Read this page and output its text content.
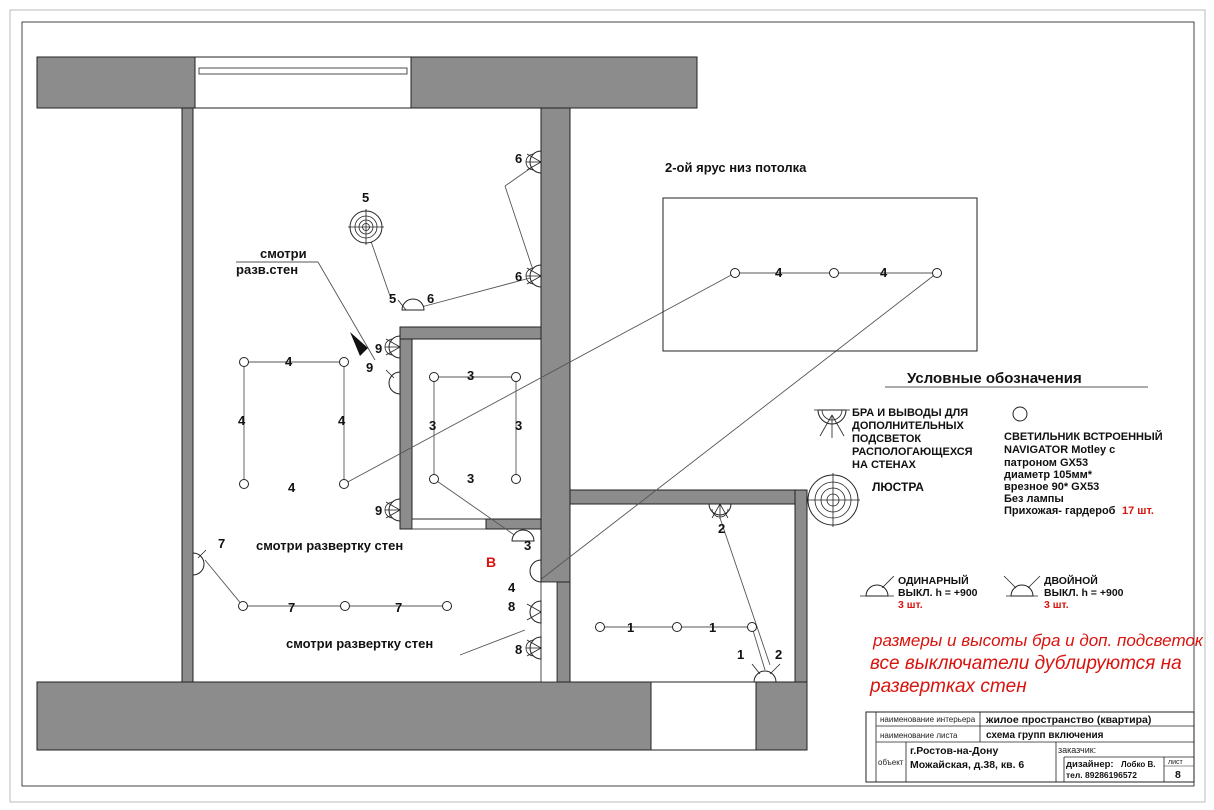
2-ой ярус низ потолка
смотри
разв.стен
смотри развертку стен
смотри развертку стен
В
6
6
5
5 6
9
9
9
4
4	4
4
3
3	3
3
3
7
7	7
4
8
8
2
2
1	1
1
4	4
Условные обозначения
БРА И ВЫВОДЫ ДЛЯ
ДОПОЛНИТЕЛЬНЫХ
ПОДСВЕТОК
РАСПОЛОГАЮЩЕХСЯ
НА СТЕНАХ
СВЕТИЛЬНИК ВСТРОЕННЫЙ
NAVIGATOR Motley с
патроном GX53
диаметр 105мм*
врезное 90* GX53
Без лампы
Прихожая- гардероб 17 шт.
ЛЮСТРА
ОДИНАРНЫЙ
ВЫКЛ. h = +900
3 шт.
ДВОЙНОЙ
ВЫКЛ. h = +900
3 шт.
размеры и высоты бра и доп. подсветок
все выключатели дублируются на
развертках стен
наименование интерьера жилое пространство (квартира)
наименование листа	схема групп включения
объект
г.Ростов-на-Дону
Можайская, д.38, кв. 6
заказчик:
дизайнер: Лобко В.
тел. 89286196572
лист
8
